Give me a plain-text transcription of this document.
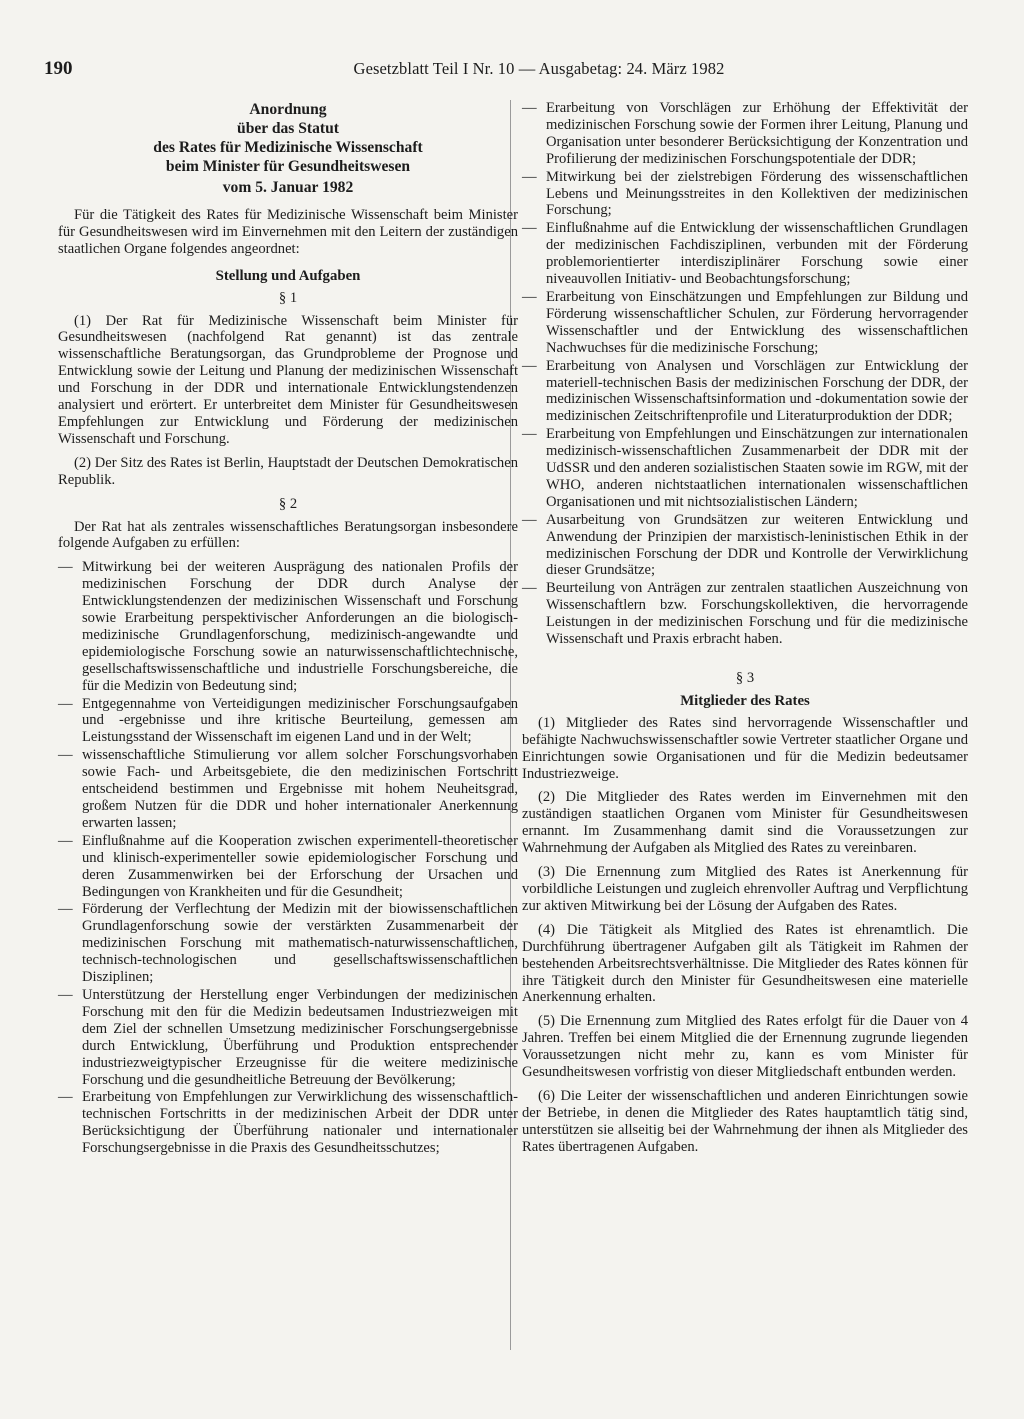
190	Gesetzblatt Teil I Nr. 10 — Ausgabetag: 24. März 1982
Anordnung
über das Statut
des Rates für Medizinische Wissenschaft
beim Minister für Gesundheitswesen
vom 5. Januar 1982

Für die Tätigkeit des Rates für Medizinische Wissenschaft beim Minister für Gesundheitswesen wird im Einvernehmen mit den Leitern der zuständigen staatlichen Organe folgendes angeordnet:

Stellung und Aufgaben
§ 1

(1) Der Rat für Medizinische Wissenschaft beim Minister für Gesundheitswesen (nachfolgend Rat genannt) ist das zentrale wissenschaftliche Beratungsorgan, das Grundprobleme der Prognose und Entwicklung sowie der Leitung und Planung der medizinischen Wissenschaft und Forschung in der DDR und internationale Entwicklungstendenzen analysiert und erörtert. Er unterbreitet dem Minister für Gesundheitswesen Empfehlungen zur Entwicklung und Förderung der medizinischen Wissenschaft und Forschung.

(2) Der Sitz des Rates ist Berlin, Hauptstadt der Deutschen Demokratischen Republik.

§ 2

Der Rat hat als zentrales wissenschaftliches Beratungsorgan insbesondere folgende Aufgaben zu erfüllen:

— Mitwirkung bei der weiteren Ausprägung des nationalen Profils der medizinischen Forschung der DDR durch Analyse der Entwicklungstendenzen der medizinischen Wissenschaft und Forschung sowie Erarbeitung perspektivischer Anforderungen an die biologisch-medizinische Grundlagenforschung, medizinisch-angewandte und epidemiologische Forschung sowie an naturwissenschaftlichtechnische, gesellschaftswissenschaftliche und industrielle Forschungsbereiche, die für die Medizin von Bedeutung sind;
— Entgegennahme von Verteidigungen medizinischer Forschungsaufgaben und -ergebnisse und ihre kritische Beurteilung, gemessen am Leistungsstand der Wissenschaft im eigenen Land und in der Welt;
— wissenschaftliche Stimulierung vor allem solcher Forschungsvorhaben sowie Fach- und Arbeitsgebiete, die den medizinischen Fortschritt entscheidend bestimmen und Ergebnisse mit hohem Neuheitsgrad, großem Nutzen für die DDR und hoher internationaler Anerkennung erwarten lassen;
— Einflußnahme auf die Kooperation zwischen experimentell-theoretischer und klinisch-experimenteller sowie epidemiologischer Forschung und deren Zusammenwirken bei der Erforschung der Ursachen und Bedingungen von Krankheiten und für die Gesundheit;
— Förderung der Verflechtung der Medizin mit der biowissenschaftlichen Grundlagenforschung sowie der verstärkten Zusammenarbeit der medizinischen Forschung mit mathematisch-naturwissenschaftlichen, technisch-technologischen und gesellschaftswissenschaftlichen Disziplinen;
— Unterstützung der Herstellung enger Verbindungen der medizinischen Forschung mit den für die Medizin bedeutsamen Industriezweigen mit dem Ziel der schnellen Umsetzung medizinischer Forschungsergebnisse durch Entwicklung, Überführung und Produktion entsprechender industriezweigtypischer Erzeugnisse für die weitere medizinische Forschung und die gesundheitliche Betreuung der Bevölkerung;
— Erarbeitung von Empfehlungen zur Verwirklichung des wissenschaftlich-technischen Fortschritts in der medizinischen Arbeit der DDR unter Berücksichtigung der Überführung nationaler und internationaler Forschungsergebnisse in die Praxis des Gesundheitsschutzes;
— Erarbeitung von Vorschlägen zur Erhöhung der Effektivität der medizinischen Forschung sowie der Formen ihrer Leitung, Planung und Organisation unter besonderer Berücksichtigung der Konzentration und Profilierung der medizinischen Forschungspotentiale der DDR;
— Mitwirkung bei der zielstrebigen Förderung des wissenschaftlichen Lebens und Meinungsstreites in den Kollektiven der medizinischen Forschung;
— Einflußnahme auf die Entwicklung der wissenschaftlichen Grundlagen der medizinischen Fachdisziplinen, verbunden mit der Förderung problemorientierter interdisziplinärer Forschung sowie einer niveauvollen Initiativ- und Beobachtungsforschung;
— Erarbeitung von Einschätzungen und Empfehlungen zur Bildung und Förderung wissenschaftlicher Schulen, zur Förderung hervorragender Wissenschaftler und der Entwicklung des wissenschaftlichen Nachwuchses für die medizinische Forschung;
— Erarbeitung von Analysen und Vorschlägen zur Entwicklung der materiell-technischen Basis der medizinischen Forschung der DDR, der medizinischen Wissenschaftsinformation und -dokumentation sowie der medizinischen Zeitschriftenprofile und Literaturproduktion der DDR;
— Erarbeitung von Empfehlungen und Einschätzungen zur internationalen medizinisch-wissenschaftlichen Zusammenarbeit der DDR mit der UdSSR und den anderen sozialistischen Staaten sowie im RGW, mit der WHO, anderen nichtstaatlichen internationalen wissenschaftlichen Organisationen und mit nichtsozialistischen Ländern;
— Ausarbeitung von Grundsätzen zur weiteren Entwicklung und Anwendung der Prinzipien der marxistisch-leninistischen Ethik in der medizinischen Forschung der DDR und Kontrolle der Verwirklichung dieser Grundsätze;
— Beurteilung von Anträgen zur zentralen staatlichen Auszeichnung von Wissenschaftlern bzw. Forschungskollektiven, die hervorragende Leistungen in der medizinischen Forschung und für die medizinische Wissenschaft und Praxis erbracht haben.
§ 3
Mitglieder des Rates

(1) Mitglieder des Rates sind hervorragende Wissenschaftler und befähigte Nachwuchswissenschaftler sowie Vertreter staatlicher Organe und Einrichtungen sowie Organisationen und für die Medizin bedeutsamer Industriezweige.

(2) Die Mitglieder des Rates werden im Einvernehmen mit den zuständigen staatlichen Organen vom Minister für Gesundheitswesen ernannt. Im Zusammenhang damit sind die Voraussetzungen zur Wahrnehmung der Aufgaben als Mitglied des Rates zu vereinbaren.

(3) Die Ernennung zum Mitglied des Rates ist Anerkennung für vorbildliche Leistungen und zugleich ehrenvoller Auftrag und Verpflichtung zur aktiven Mitwirkung bei der Lösung der Aufgaben des Rates.

(4) Die Tätigkeit als Mitglied des Rates ist ehrenamtlich. Die Durchführung übertragener Aufgaben gilt als Tätigkeit im Rahmen der bestehenden Arbeitsrechtsverhältnisse. Die Mitglieder des Rates können für ihre Tätigkeit durch den Minister für Gesundheitswesen eine materielle Anerkennung erhalten.

(5) Die Ernennung zum Mitglied des Rates erfolgt für die Dauer von 4 Jahren. Treffen bei einem Mitglied die der Ernennung zugrunde liegenden Voraussetzungen nicht mehr zu, kann es vom Minister für Gesundheitswesen vorfristig von dieser Mitgliedschaft entbunden werden.

(6) Die Leiter der wissenschaftlichen und anderen Einrichtungen sowie der Betriebe, in denen die Mitglieder des Rates hauptamtlich tätig sind, unterstützen sie allseitig bei der Wahrnehmung der ihnen als Mitglieder des Rates übertragenen Aufgaben.
